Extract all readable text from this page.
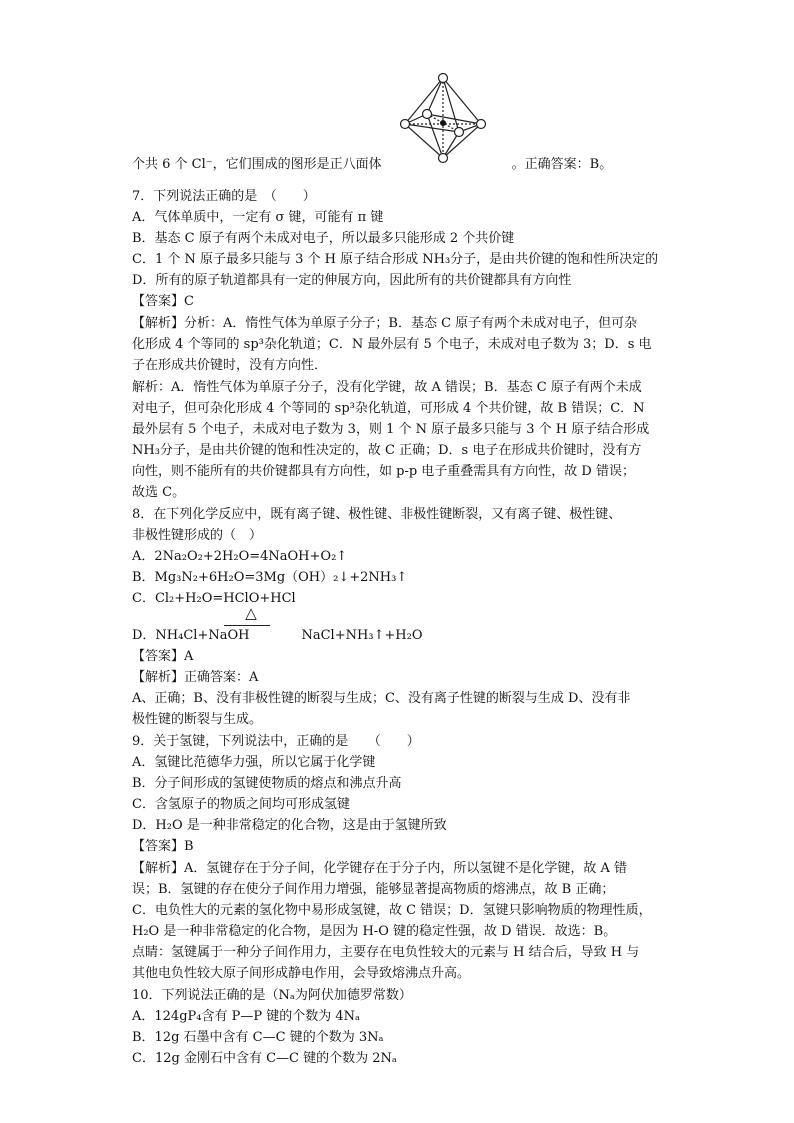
个共 6 个 Cl⁻，它们围成的图形是正八面体　　　　　　　　　　。正确答案：B。
7．下列说法正确的是　（　　）
A．气体单质中，一定有 σ 键，可能有 π 键
B．基态 C 原子有两个未成对电子，所以最多只能形成 2 个共价键
C．1 个 N 原子最多只能与 3 个 H 原子结合形成 NH₃分子，是由共价键的饱和性所决定的
D．所有的原子轨道都具有一定的伸展方向，因此所有的共价键都具有方向性
【答案】C
【解析】分析：A．惰性气体为单原子分子；B．基态 C 原子有两个未成对电子，但可杂
化形成 4 个等同的 sp³杂化轨道；C．N 最外层有 5 个电子，未成对电子数为 3；D．s 电
子在形成共价键时，没有方向性．
解析：A．惰性气体为单原子分子，没有化学键，故 A 错误；B．基态 C 原子有两个未成
对电子，但可杂化形成 4 个等同的 sp³杂化轨道，可形成 4 个共价键，故 B 错误；C．N
最外层有 5 个电子，未成对电子数为 3，则 1 个 N 原子最多只能与 3 个 H 原子结合形成
NH₃分子，是由共价键的饱和性决定的，故 C 正确；D．s 电子在形成共价键时，没有方
向性，则不能所有的共价键都具有方向性，如 p-p 电子重叠需具有方向性，故 D 错误；
故选 C。
8．在下列化学反应中，既有离子键、极性键、非极性键断裂，又有离子键、极性键、
非极性键形成的（　）
A．2Na₂O₂+2H₂O=4NaOH+O₂↑
B．Mg₃N₂+6H₂O=3Mg（OH）₂↓+2NH₃↑
C．Cl₂+H₂O=HClO+HCl
△
D．NH₄Cl+NaOH　　　　NaCl+NH₃↑+H₂O
【答案】A
【解析】正确答案：A
A、正确；B、没有非极性键的断裂与生成；C、没有离子性键的断裂与生成 D、没有非
极性键的断裂与生成。
9．关于氢键，下列说法中，正确的是　　（　　）
A．氢键比范德华力强，所以它属于化学键
B．分子间形成的氢键使物质的熔点和沸点升高
C．含氢原子的物质之间均可形成氢键
D．H₂O 是一种非常稳定的化合物，这是由于氢键所致
【答案】B
【解析】A．氢键存在于分子间，化学键存在于分子内，所以氢键不是化学键，故 A 错
误；B．氢键的存在使分子间作用力增强，能够显著提高物质的熔沸点，故 B 正确；
C．电负性大的元素的氢化物中易形成氢键，故 C 错误；D．氢键只影响物质的物理性质，
H₂O 是一种非常稳定的化合物，是因为 H-O 键的稳定性强，故 D 错误．故选：B。
点睛：氢键属于一种分子间作用力，主要存在电负性较大的元素与 H 结合后，导致 H 与
其他电负性较大原子间形成静电作用，会导致熔沸点升高。
10．下列说法正确的是（Nₐ为阿伏加德罗常数）
A．124gP₄含有 P—P 键的个数为 4Nₐ
B．12g 石墨中含有 C—C 键的个数为 3Nₐ
C．12g 金刚石中含有 C—C 键的个数为 2Nₐ
